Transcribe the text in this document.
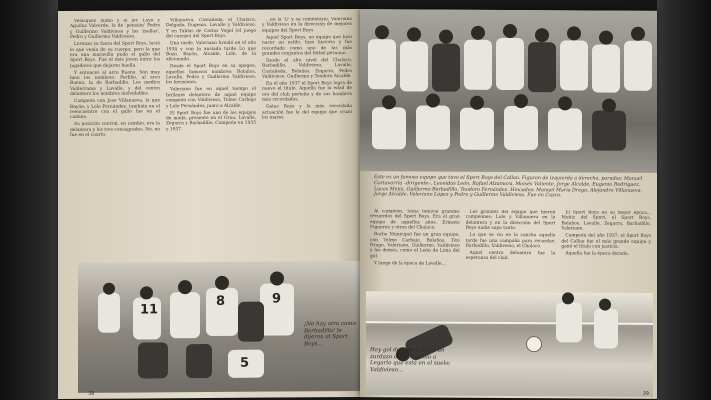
Velásquez midió y el jer. Loyo y Aguiluz Valverde, la de 'pensión' Pedro y Guillermo Valdivieso y los 'mellos', Pedro y Guillermo Valdivieso.

Lorenzo ya fuera del Sport Boys, lució lo que venía de su cuerpo; pero la que era una maravilla pudo el gallo del Sport Boys. Fue el más joven entre los jugadores que dejaron huella.

Y entonces al arco Bueno. Son muy bien los nombres: Perfilio, al arco Bueno, la de Barbadillo. Los medios Valderrama y Lavalle, y del centro delantero los nombres inolvidables.

Campeón con Jose Villanueva, la que Bayón; y Lolo Fernández, también en el reencuentro con el gallo fue en el camino.

Su posición central, en cambio, era la delantera y los tres consagrados. No, no fue en el cuarto.

Villanueva, Castañeda, el Chalaco, Delgado, Eugenio, Lavalle y Valdivieso. Y en Tablas de Carlos Vogel (el juego del cuerpo) del Sport Boys.

Una tarde, Valeriano brindó en el año 1934 y con la ansiada tarde Lo que Bozo, Bayón, Alcalde, Lolo, de la aficionada.

Desde el Sport Boys en su apogeo, aquellos famosos nombres: Bolaños, Lavalle, Pedro y Guillermo Valdivieso, los hermanos.

Valeriano fue en aquel tiempo el brillante delantero de aquel equipo campeón con Valdivieso, Telmo Carbajo y Lolo Fernández, junto a Alcalde.

El Sport Boys fue uno de los equipos de moda, presente en el Grau; Lavalle, Zegarra y Barbadillo. Campeón en 1935 y 1937.

...en la 'U' y su comentario, Valeriano y Valdivieso en la dirección de mejores equipos del Sport Boys.

Aquel Sport Boys, un equipo que hizo nacer un estilo, hizo historia y fue recordado como uno de los más grandes conjuntos del fútbol peruano.

Desde el alto nivel del Chalaco, Barbadillo, Valdivieso, Lavalle, Castañeda, Bolaños, Zegarra, Pedro Valdivieso, Guillermo y Teodoro Alcalde.

En el año 1937 el Sport Boys logra de nuevo el título. Aquella fue la edad de oro del club porteño y de sus hombres más recordados.

Gotas Bozo y la más recordada actuación fue la del equipo que cruzó los mares.

11
8	9
5
¡No hay otro como Barbadillo! le dijeron al Sport Boys...
38
Este es un famoso equipo que tuvo el Sport Boys del Callao. Figuran de izquierda a derecha, parados: Manuel Cortavarría –dirigente–, Leonidas León, Rafael Alzamora, Moisés Valiente, Jorge Alcalde, Eugenio Rodríguez, Lucas Mejía, Guillermo Barbadillo, Teodoro Fernández. Hincados: Manuel María Drago, Alejandro Villanueva, Jorge Alcalde, Valeriano López y Pedro y Guillermo Valdivieso. Fue en Cuzco.

Al campeón, Tenía todavía grandes recuerdos del Sport Boys. Era el gran equipo de aquellos años, Ernesto Figueroa y otros del Chalaco.

Barba Municipal fue un gran equipo, con Telmo Carbajo, Bolaños, Tito Drago, Valeriano, Guillermo, Valdivieso y los demás, como el León de Lima del gol.

Y luego de la época de Lavalle...

Los grandes del equipo que fueron campeones; Lolo y Villanueva en la delantera y en la dirección del Sport Boys nadie supo tanto.

Lo que se vio en la cancha aquella tarde fue una campaña para recordar; Barbadillo, Valdivieso, el Chalaco.

Aquel centro delantero fue la esperanza del club.

El Sport Boys en su mejor época... Muñiz del Sport, el Sport Boys, Bolaños, Lavalle, Zegarra, Barbadillo, Valeriano.

Campeón del año 1937, el Sport Boys del Callao fue el más grande equipo y ganó el título con justicia.

Aquella fue la época dorada.

Hay gol del Sport Boys, un zurdazo de Barbadillo a Legario que está en el suelo; Valdivieso...
39
